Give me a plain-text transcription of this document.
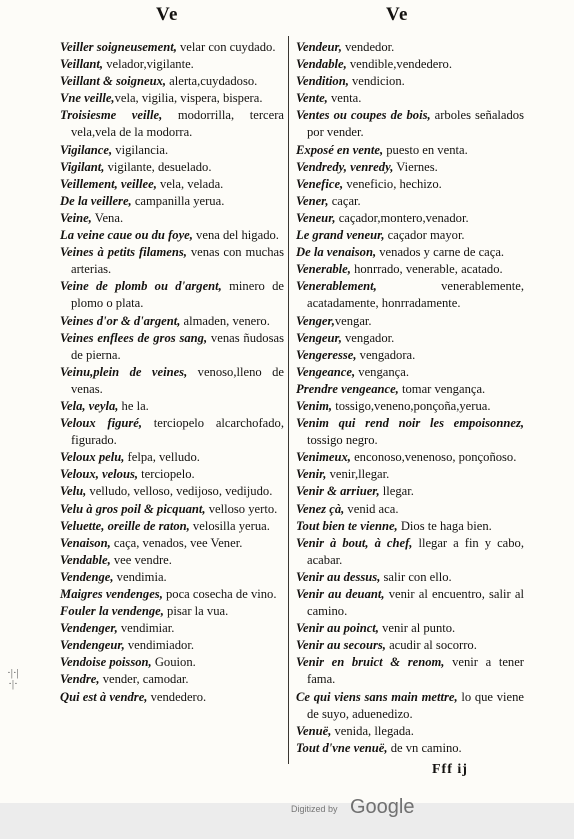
Ve	Ve
Veiller soigneusement, velar con cuydado.
Veillant, velador,vigilante.
Veillant & soigneux, alerta,cuydadoso.
Vne veille,vela, vigilia, vispera, bispera.
Troisiesme veille, modorrilla, tercera vela,vela de la modorra.
Vigilance, vigilancia.
Vigilant, vigilante, desuelado.
Veillement, veillee, vela, velada.
De la veillere, campanilla yerua.
Veine, Vena.
La veine caue ou du foye, vena del higado.
Veines à petits filamens, venas con muchas arterias.
Veine de plomb ou d'argent, minero de plomo o plata.
Veines d'or & d'argent, almaden, venero.
Veines enflees de gros sang, venas ñudosas de pierna.
Veinu,plein de veines, venoso,lleno de venas.
Vela, veyla, he la.
Veloux figuré, terciopelo alcarchofado, figurado.
Veloux pelu, felpa, velludo.
Veloux, velous, terciopelo.
Velu, velludo, velloso, vedijoso, vedijudo.
Velu à gros poil & picquant, velloso yerto.
Veluette, oreille de raton, velosilla yerua.
Venaison, caça, venados, vee Vener.
Vendable, vee vendre.
Vendenge, vendimia.
Maigres vendenges, poca cosecha de vino.
Fouler la vendenge, pisar la vua.
Vendenger, vendimiar.
Vendengeur, vendimiador.
Vendoise poisson, Gouion.
Vendre, vender, camodar.
Qui est à vendre, vendedero.
Vendeur, vendedor.
Vendable, vendible,vendedero.
Vendition, vendicion.
Vente, venta.
Ventes ou coupes de bois, arboles señalados por vender.
Exposé en vente, puesto en venta.
Vendredy, venredy, Viernes.
Venefice, veneficio, hechizo.
Vener, caçar.
Veneur, caçador,montero,venador.
Le grand veneur, caçador mayor.
De la venaison, venados y carne de caça.
Venerable, honrrado, venerable, acatado.
Venerablement, venerablemente, acatadamente, honrradamente.
Venger,vengar.
Vengeur, vengador.
Vengeresse, vengadora.
Vengeance, vengança.
Prendre vengeance, tomar vengança.
Venim, tossigo,veneno,ponçoña,yerua.
Venim qui rend noir les empoisonnez, tossigo negro.
Venimeux, enconoso,venenoso, ponçoñoso.
Venir, venir,llegar.
Venir & arriuer, llegar.
Venez çà, venid aca.
Tout bien te vienne, Dios te haga bien.
Venir à bout, à chef, llegar a fin y cabo, acabar.
Venir au dessus, salir con ello.
Venir au deuant, venir al encuentro, salir al camino.
Venir au poinct, venir al punto.
Venir au secours, acudir al socorro.
Venir en bruict & renom, venir a tener fama.
Ce qui viens sans main mettre, lo que viene de suyo, aduenedizo.
Venuë, venida, llegada.
Tout d'vne venuë, de vn camino.
·|·|·|·
Fff ij
Digitized by Google
